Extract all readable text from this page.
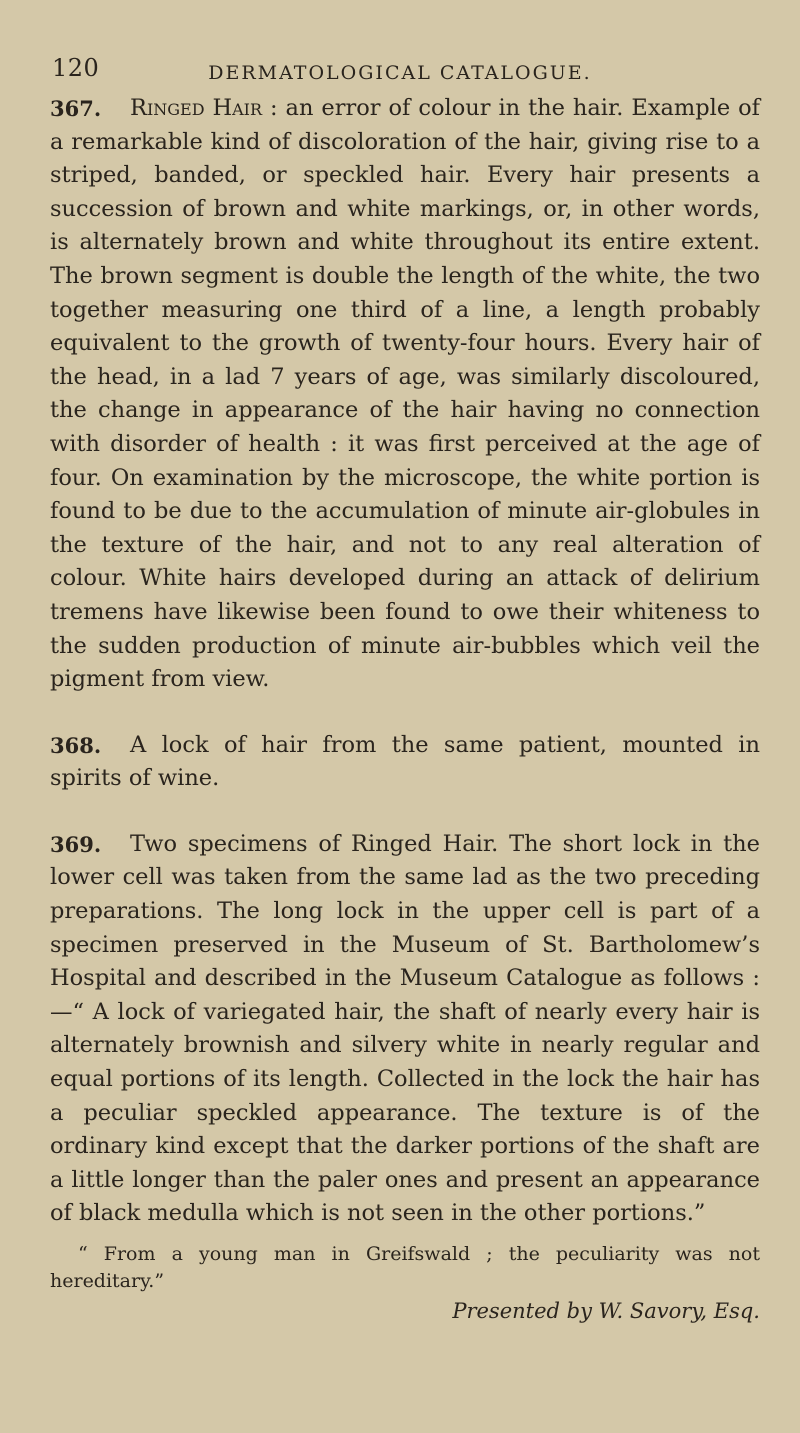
120	DERMATOLOGICAL CATALOGUE.
367.	Ringed Hair : an error of colour in the hair. Example of a remarkable kind of discoloration of the hair, giving rise to a striped, banded, or speckled hair. Every hair presents a succession of brown and white markings, or, in other words, is alternately brown and white throughout its entire extent. The brown segment is double the length of the white, the two together measuring one third of a line, a length probably equivalent to the growth of twenty-four hours. Every hair of the head, in a lad 7 years of age, was similarly discoloured, the change in appearance of the hair having no connection with disorder of health : it was first perceived at the age of four. On examination by the microscope, the white portion is found to be due to the accumulation of minute air-globules in the texture of the hair, and not to any real alteration of colour. White hairs developed during an attack of delirium tremens have likewise been found to owe their whiteness to the sudden production of minute air-bubbles which veil the pigment from view.

368.	A lock of hair from the same patient, mounted in spirits of wine.

369.	Two specimens of Ringed Hair. The short lock in the lower cell was taken from the same lad as the two preceding preparations. The long lock in the upper cell is part of a specimen preserved in the Museum of St. Bartholomew’s Hospital and described in the Museum Catalogue as follows :—“ A lock of variegated hair, the shaft of nearly every hair is alternately brownish and silvery white in nearly regular and equal portions of its length. Collected in the lock the hair has a peculiar speckled appearance. The texture is of the ordinary kind except that the darker portions of the shaft are a little longer than the paler ones and present an appearance of black medulla which is not seen in the other portions.”

“ From a young man in Greifswald ; the peculiarity was not hereditary.”

Presented by W. Savory, Esq.
